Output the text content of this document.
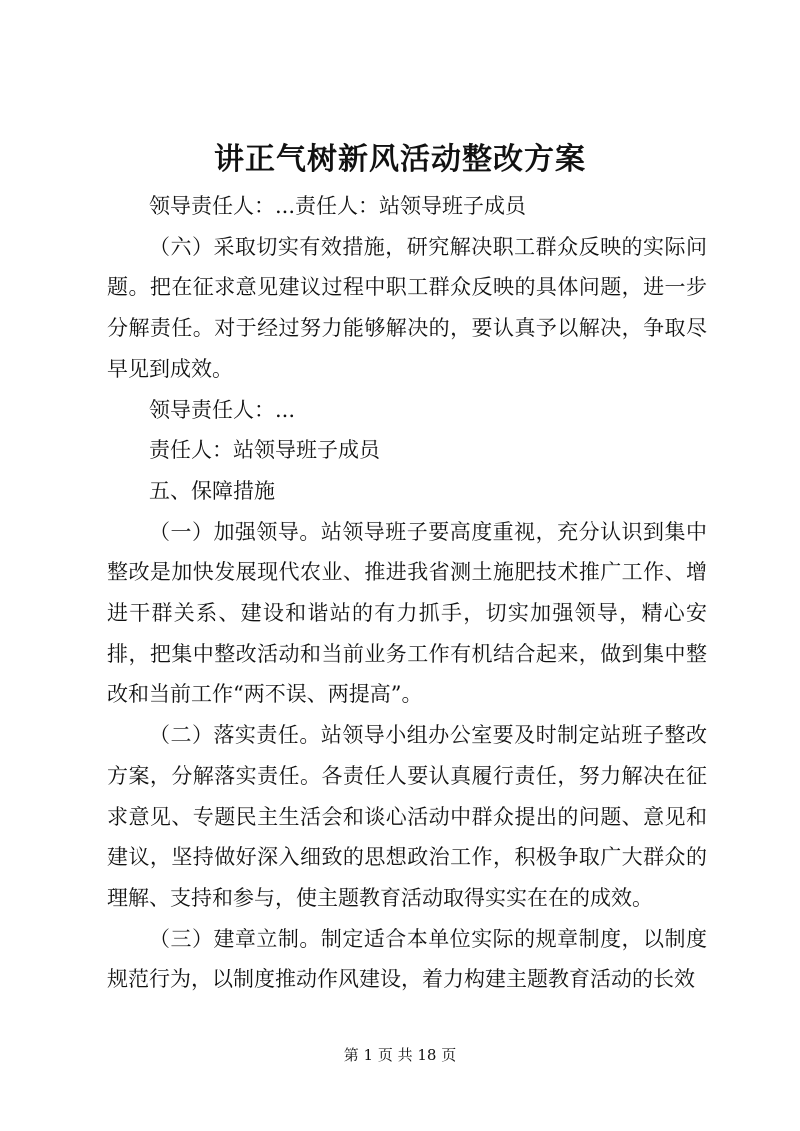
讲正气树新风活动整改方案

领导责任人：...责任人：站领导班子成员

（六）采取切实有效措施，研究解决职工群众反映的实际问题。把在征求意见建议过程中职工群众反映的具体问题，进一步分解责任。对于经过努力能够解决的，要认真予以解决，争取尽早见到成效。

领导责任人：...

责任人：站领导班子成员

五、保障措施

（一）加强领导。站领导班子要高度重视，充分认识到集中整改是加快发展现代农业、推进我省测土施肥技术推广工作、增进干群关系、建设和谐站的有力抓手，切实加强领导，精心安排，把集中整改活动和当前业务工作有机结合起来，做到集中整改和当前工作“两不误、两提高”。

（二）落实责任。站领导小组办公室要及时制定站班子整改方案，分解落实责任。各责任人要认真履行责任，努力解决在征求意见、专题民主生活会和谈心活动中群众提出的问题、意见和建议，坚持做好深入细致的思想政治工作，积极争取广大群众的理解、支持和参与，使主题教育活动取得实实在在的成效。

（三）建章立制。制定适合本单位实际的规章制度，以制度规范行为，以制度推动作风建设，着力构建主题教育活动的长效

第 1 页 共 18 页
